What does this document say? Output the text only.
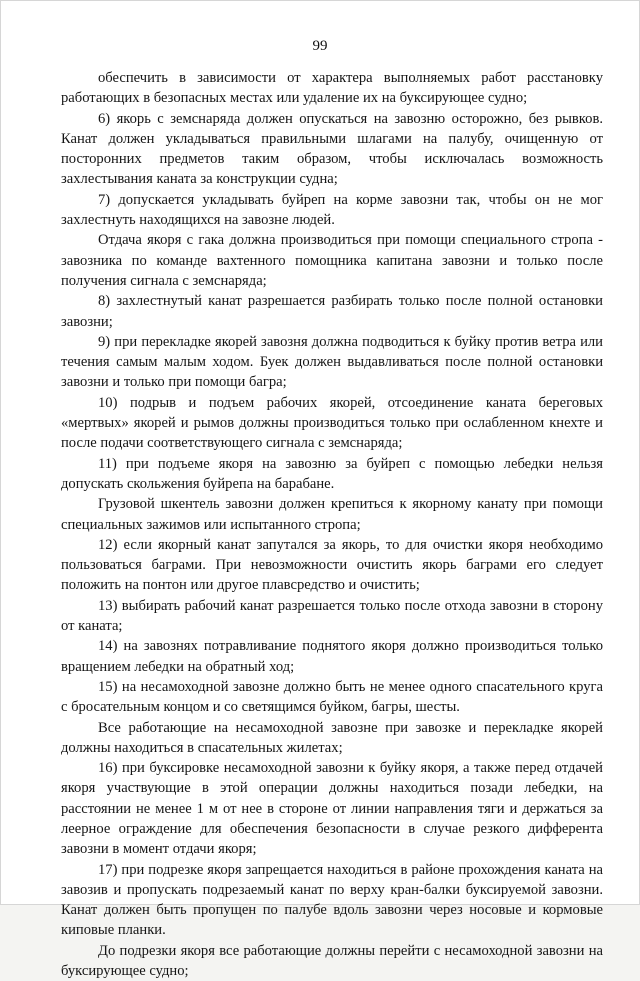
99

обеспечить в зависимости от характера выполняемых работ расстановку работающих в безопасных местах или удаление их на буксирующее судно;

6) якорь с земснаряда должен опускаться на завозню осторожно, без рывков. Канат должен укладываться правильными шлагами на палубу, очищенную от посторонних предметов таким образом, чтобы исключалась возможность захлестывания каната за конструкции судна;

7) допускается укладывать буйреп на корме завозни так, чтобы он не мог захлестнуть находящихся на завозне людей.

Отдача якоря с гака должна производиться при помощи специального стропа - завозника по команде вахтенного помощника капитана завозни и только после получения сигнала с земснаряда;

8) захлестнутый канат разрешается разбирать только после полной остановки завозни;

9) при перекладке якорей завозня должна подводиться к буйку против ветра или течения самым малым ходом. Буек должен выдавливаться после полной остановки завозни и только при помощи багра;

10) подрыв и подъем рабочих якорей, отсоединение каната береговых «мертвых» якорей и рымов должны производиться только при ослабленном кнехте и после подачи соответствующего сигнала с земснаряда;

11) при подъеме якоря на завозню за буйреп с помощью лебедки нельзя допускать скольжения буйрепа на барабане.

Грузовой шкентель завозни должен крепиться к якорному канату при помощи специальных зажимов или испытанного стропа;

12) если якорный канат запутался за якорь, то для очистки якоря необходимо пользоваться баграми. При невозможности очистить якорь баграми его следует положить на понтон или другое плавсредство и очистить;

13) выбирать рабочий канат разрешается только после отхода завозни в сторону от каната;

14) на завознях потравливание поднятого якоря должно производиться только вращением лебедки на обратный ход;

15) на несамоходной завозне должно быть не менее одного спасательного круга с бросательным концом и со светящимся буйком, багры, шесты.

Все работающие на несамоходной завозне при завозке и перекладке якорей должны находиться в спасательных жилетах;

16) при буксировке несамоходной завозни к буйку якоря, а также перед отдачей якоря участвующие в этой операции должны находиться позади лебедки, на расстоянии не менее 1 м от нее в стороне от линии направления тяги и держаться за леерное ограждение для обеспечения безопасности в случае резкого дифферента завозни в момент отдачи якоря;

17) при подрезке якоря запрещается находиться в районе прохождения каната на завозив и пропускать подрезаемый канат по верху кран-балки буксируемой завозни. Канат должен быть пропущен по палубе вдоль завозни через носовые и кормовые киповые планки.

До подрезки якоря все работающие должны перейти с несамоходной завозни на буксирующее судно;
